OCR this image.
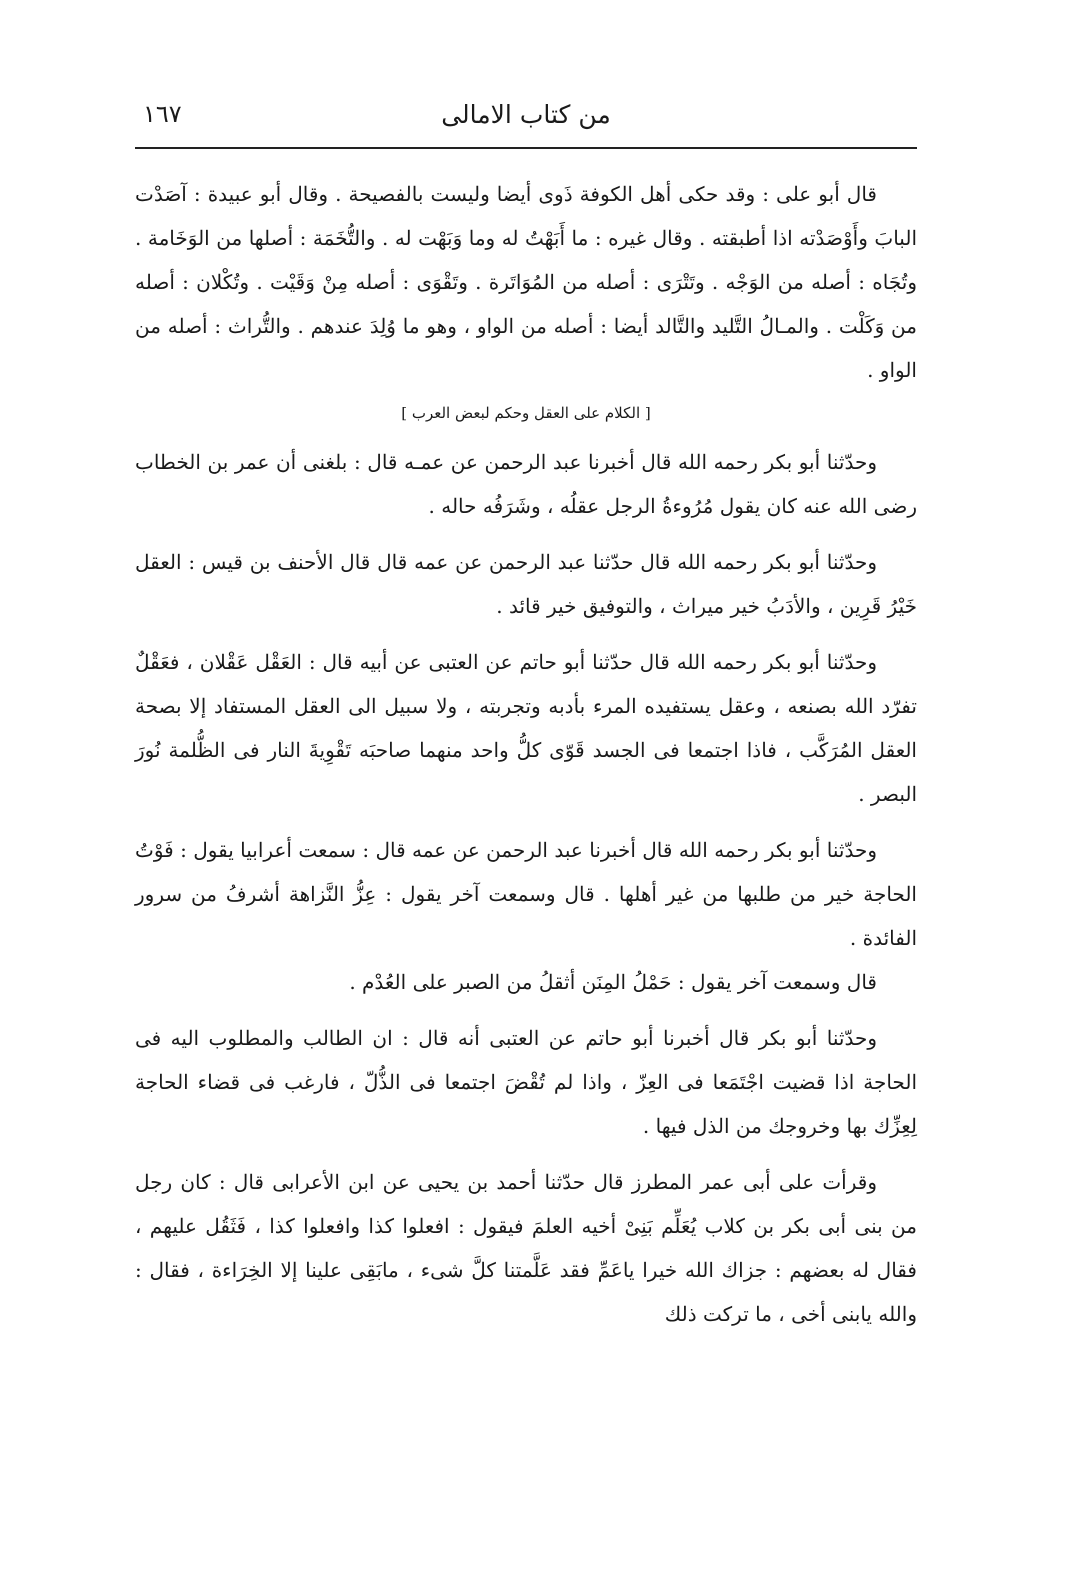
من كتاب الامالى
١٦٧

قال أبو على : وقد حكى أهل الكوفة ذَوى أيضا وليست بالفصيحة . وقال أبو عبيدة : آصَدْت البابَ وأَوْصَدْته اذا أطبقته . وقال غيره : ما أَبَهْتُ له وما وَبَهْت له . والتُّخَمَة : أصلها من الوَخَامة . وتُجَاه : أصله من الوَجْه . وتَتْرَى : أصله من المُوَاتَرة . وتَقْوَى : أصله مِنْ وَقَيْت . وتُكْلان : أصله من وَكَلْت . والمـالُ التَّليد والتَّالد أيضا : أصله من الواو ، وهو ما وُلِدَ عندهم . والتُّراث : أصله من الواو .

[ الكلام على العقل وحكم لبعض العرب ]

وحدّثنا أبو بكر رحمه الله قال أخبرنا عبد الرحمن عن عمـه قال : بلغنى أن عمر بن الخطاب رضى الله عنه كان يقول مُرُوءةُ الرجل عقلُه ، وشَرَفُه حاله .

وحدّثنا أبو بكر رحمه الله قال حدّثنا عبد الرحمن عن عمه قال قال الأحنف بن قيس : العقل خَيْرُ قَرِين ، والأدَبُ خير ميراث ، والتوفيق خير قائد .

وحدّثنا أبو بكر رحمه الله قال حدّثنا أبو حاتم عن العتبى عن أبيه قال : العَقْل عَقْلان ، فعَقْلٌ تفرّد الله بصنعه ، وعقل يستفيده المرء بأدبه وتجربته ، ولا سبيل الى العقل المستفاد إلا بصحة العقل المُرَكَّب ، فاذا اجتمعا فى الجسد قَوّى كلُّ واحد منهما صاحبَه تَقْوِيةَ النار فى الظُّلمة نُورَ البصر .

وحدّثنا أبو بكر رحمه الله قال أخبرنا عبد الرحمن عن عمه قال : سمعت أعرابيا يقول : فَوْتُ الحاجة خير من طلبها من غير أهلها . قال وسمعت آخر يقول : عِزُّ النَّزاهة أشرفُ من سرور الفائدة .

قال وسمعت آخر يقول : حَمْلُ المِنَن أثقلُ من الصبر على العُدْم .

وحدّثنا أبو بكر قال أخبرنا أبو حاتم عن العتبى أنه قال : ان الطالب والمطلوب اليه فى الحاجة اذا قضيت اجْتَمَعا فى العِزّ ، واذا لم تُقْضَ اجتمعا فى الذُّلّ ، فارغب فى قضاء الحاجة لِعِزِّك بها وخروجك من الذل فيها .

وقرأت على أبى عمر المطرز قال حدّثنا أحمد بن يحيى عن ابن الأعرابى قال : كان رجل من بنى أبى بكر بن كلاب يُعَلِّم بَنِىْ أخيه العلمَ فيقول : افعلوا كذا وافعلوا كذا ، فَثَقُل عليهم ، فقال له بعضهم : جزاك الله خيرا ياعَمِّ فقد عَلَّمتنا كلَّ شىء ، مابَقِى علينا إلا الخِرَاءة ، فقال : والله يابنى أخى ، ما تركت ذلك
